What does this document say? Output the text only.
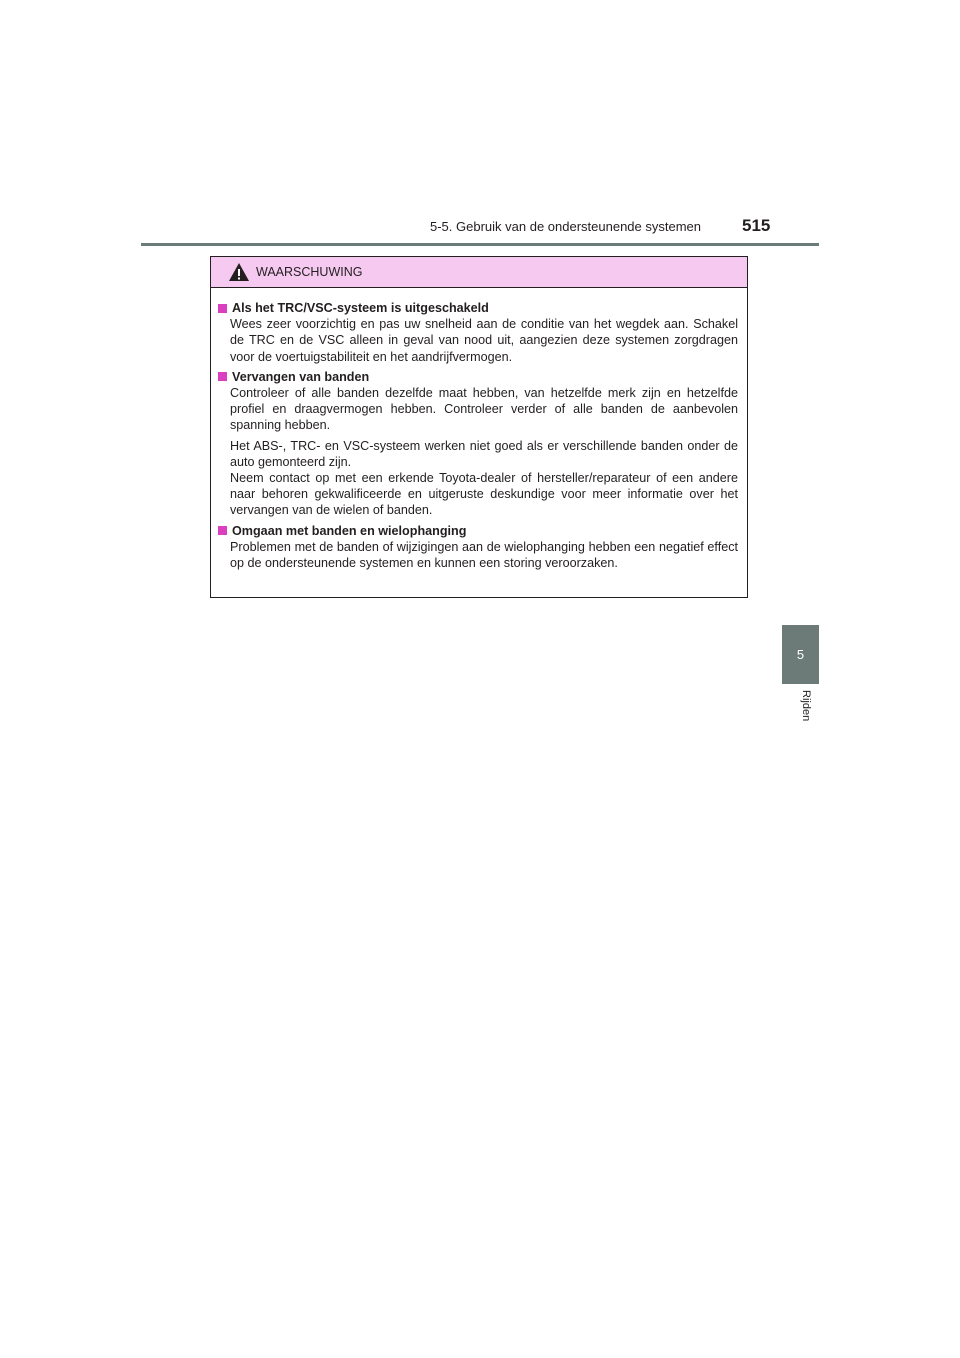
5-5. Gebruik van de ondersteunende systemen 515
5
Rijden
WAARSCHUWING
Als het TRC/VSC-systeem is uitgeschakeld
Wees zeer voorzichtig en pas uw snelheid aan de conditie van het wegdek aan. Schakel de TRC en de VSC alleen in geval van nood uit, aangezien deze systemen zorgdragen voor de voertuigstabiliteit en het aandrijfvermogen.
Vervangen van banden
Controleer of alle banden dezelfde maat hebben, van hetzelfde merk zijn en hetzelfde profiel en draagvermogen hebben. Controleer verder of alle banden de aanbevolen spanning hebben.
Het ABS-, TRC- en VSC-systeem werken niet goed als er verschillende banden onder de auto gemonteerd zijn.
Neem contact op met een erkende Toyota-dealer of hersteller/reparateur of een andere naar behoren gekwalificeerde en uitgeruste deskundige voor meer informatie over het vervangen van de wielen of banden.
Omgaan met banden en wielophanging
Problemen met de banden of wijzigingen aan de wielophanging hebben een negatief effect op de ondersteunende systemen en kunnen een storing veroorzaken.
